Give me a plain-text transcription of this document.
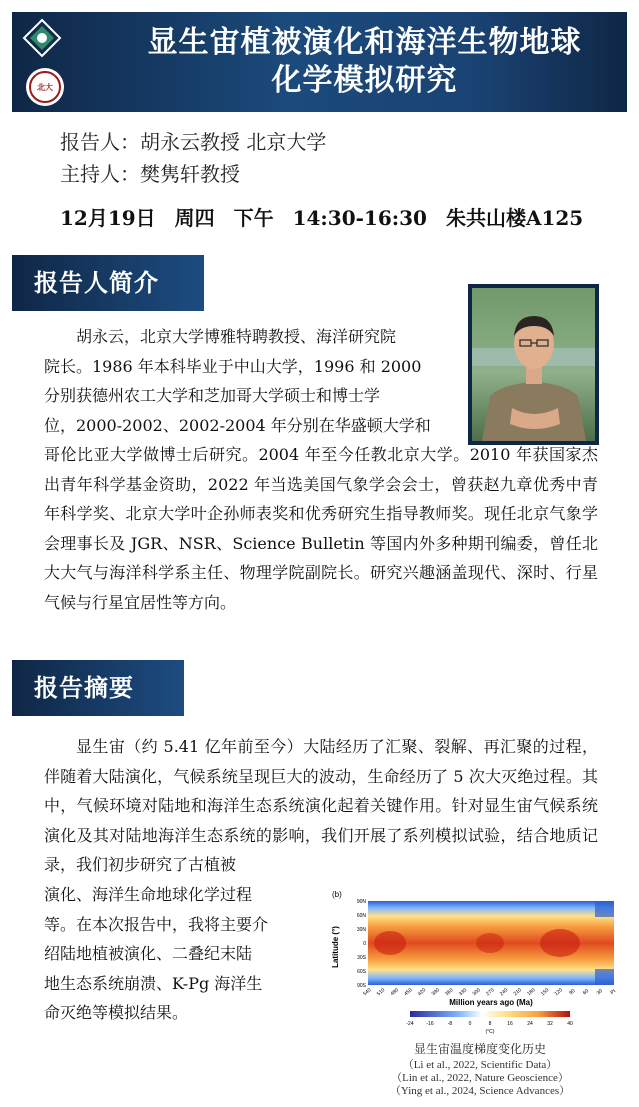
北大
显生宙植被演化和海洋生物地球
化学模拟研究
报告人：胡永云教授 北京大学
主持人：樊隽轩教授
12月19日 周四 下午 14:30-16:30 朱共山楼A125
报告人简介
胡永云，北京大学博雅特聘教授、海洋研究院
院长。1986 年本科毕业于中山大学，1996 和 2000
分别获德州农工大学和芝加哥大学硕士和博士学
位，2000-2002、2002-2004 年分别在华盛顿大学和
哥伦比亚大学做博士后研究。2004 年至今任教北京大学。2010 年获国家杰出青年科学基金资助，2022 年当选美国气象学会会士，曾获赵九章优秀中青年科学奖、北京大学叶企孙师表奖和优秀研究生指导教师奖。现任北京气象学会理事长及 JGR、NSR、Science Bulletin 等国内外多种期刊编委，曾任北大大气与海洋科学系主任、物理学院副院长。研究兴趣涵盖现代、深时、行星气候与行星宜居性等方向。
报告摘要
显生宙（约 5.41 亿年前至今）大陆经历了汇聚、裂解、再汇聚的过程，伴随着大陆演化，气候系统呈现巨大的波动，生命经历了 5 次大灭绝过程。其中，气候环境对陆地和海洋生态系统演化起着关键作用。针对显生宙气候系统演化及其对陆地海洋生态系统的影响，我们开展了系列模拟试验，结合地质记录，我们初步研究了古植被
演化、海洋生命地球化学过程
等。在本次报告中，我将主要介
绍陆地植被演化、二叠纪末陆
地生态系统崩溃、K-Pg 海洋生
命灭绝等模拟结果。
(b)
Latitude (°)
90N
60N
30N
0
30S
60S
90S
540 510 480 450 420 390 360 330 300 270 240 210 180 150 120 90 60 30 PI
Million years ago (Ma)
-24	-16	-8	0	8	16	24	32	40
(°C)
显生宙温度梯度变化历史
（Li et al., 2022, Scientific Data）
（Lin et al., 2022, Nature Geoscience）
（Ying et al., 2024, Science Advances）
